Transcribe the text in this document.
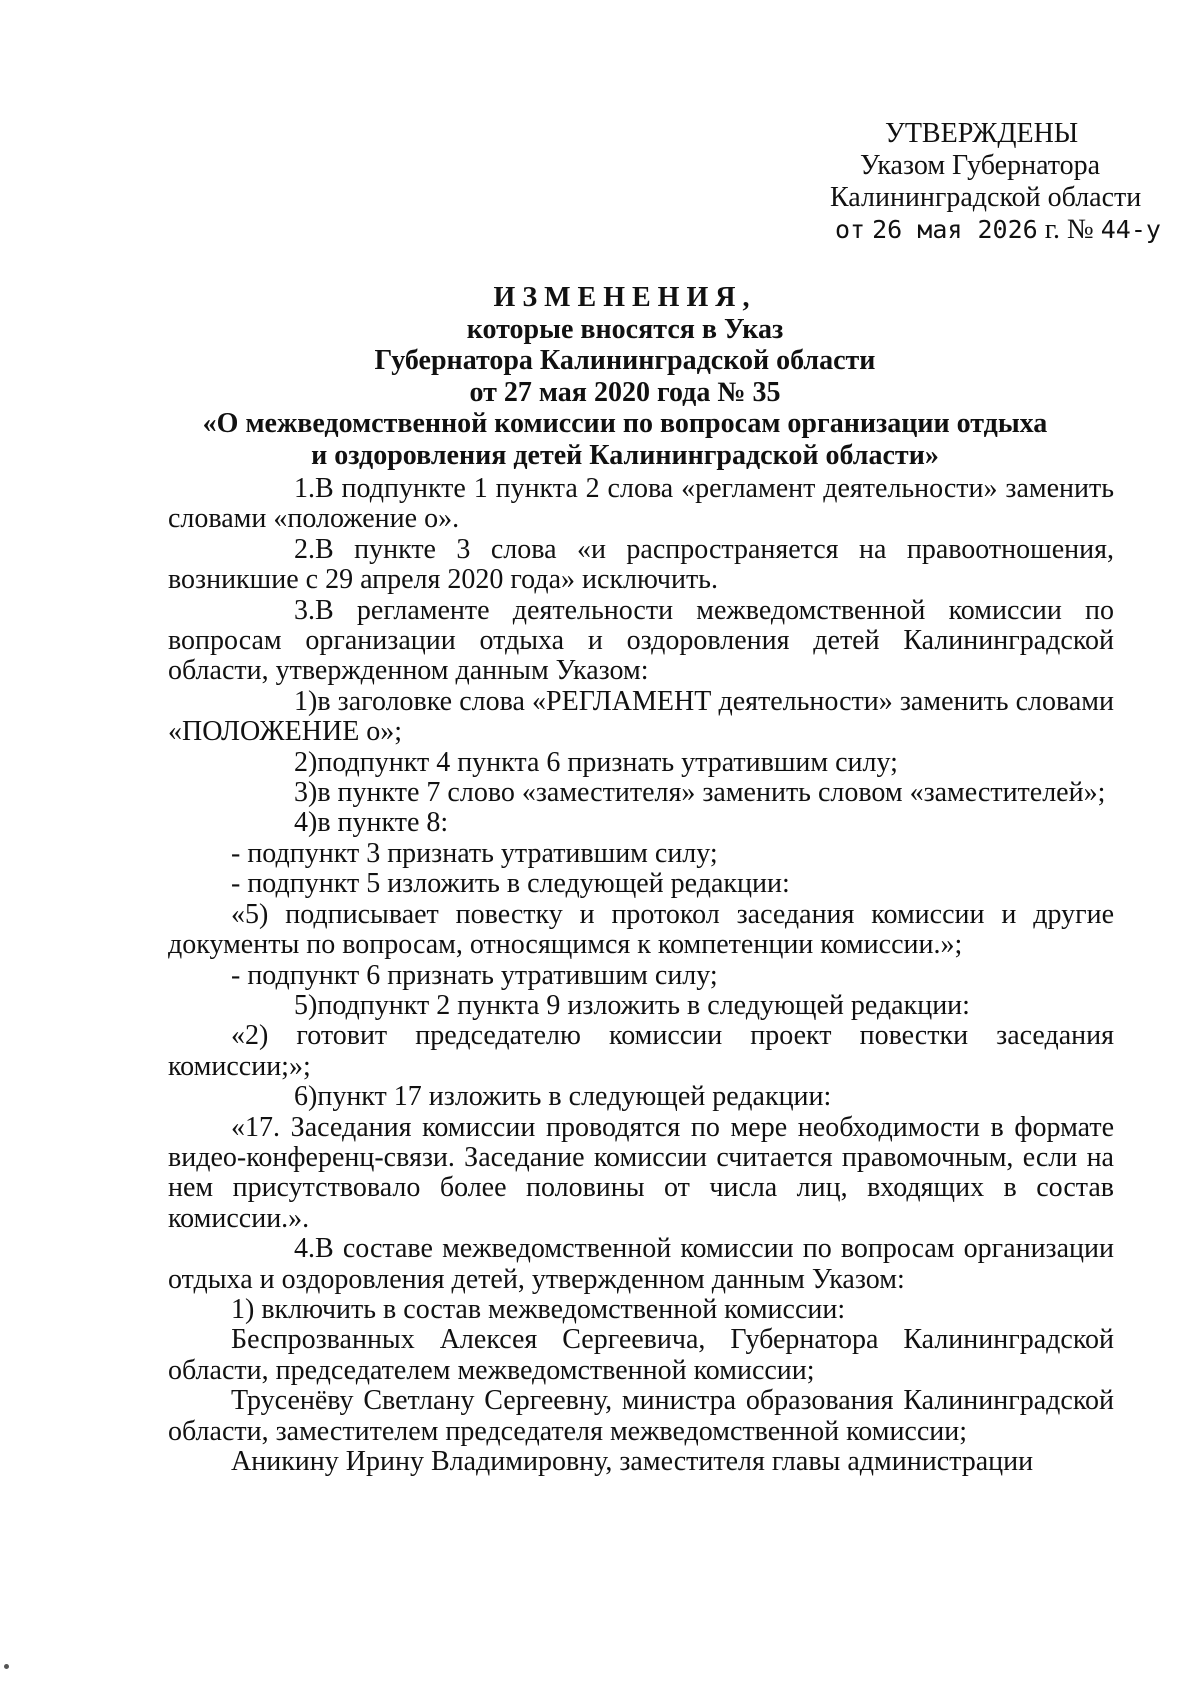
УТВЕРЖДЕНЫ
Указом Губернатора
Калининградской области
от 26 мая 2026 г. № 44-у
ИЗМЕНЕНИЯ,
которые вносятся в Указ
Губернатора Калининградской области
от 27 мая 2020 года № 35
«О межведомственной комиссии по вопросам организации отдыха
и оздоровления детей Калининградской области»

1.В подпункте 1 пункта 2 слова «регламент деятельности» заменить словами «положение о».

2.В пункте 3 слова «и распространяется на правоотношения, возникшие с 29 апреля 2020 года» исключить.

3.В регламенте деятельности межведомственной комиссии по вопросам организации отдыха и оздоровления детей Калининградской области, утвержденном данным Указом:

1)в заголовке слова «РЕГЛАМЕНТ деятельности» заменить словами «ПОЛОЖЕНИЕ о»;

2)подпункт 4 пункта 6 признать утратившим силу;

3)в пункте 7 слово «заместителя» заменить словом «заместителей»;

4)в пункте 8:

- подпункт 3 признать утратившим силу;

- подпункт 5 изложить в следующей редакции:

«5) подписывает повестку и протокол заседания комиссии и другие документы по вопросам, относящимся к компетенции комиссии.»;

- подпункт 6 признать утратившим силу;

5)подпункт 2 пункта 9 изложить в следующей редакции:

«2) готовит председателю комиссии проект повестки заседания комиссии;»;

6)пункт 17 изложить в следующей редакции:

«17. Заседания комиссии проводятся по мере необходимости в формате видео-конференц-связи. Заседание комиссии считается правомочным, если на нем присутствовало более половины от числа лиц, входящих в состав комиссии.».

4.В составе межведомственной комиссии по вопросам организации отдыха и оздоровления детей, утвержденном данным Указом:

1) включить в состав межведомственной комиссии:

Беспрозванных Алексея Сергеевича, Губернатора Калининградской области, председателем межведомственной комиссии;

Трусенёву Светлану Сергеевну, министра образования Калининградской области, заместителем председателя межведомственной комиссии;

Аникину Ирину Владимировну, заместителя главы администрации
